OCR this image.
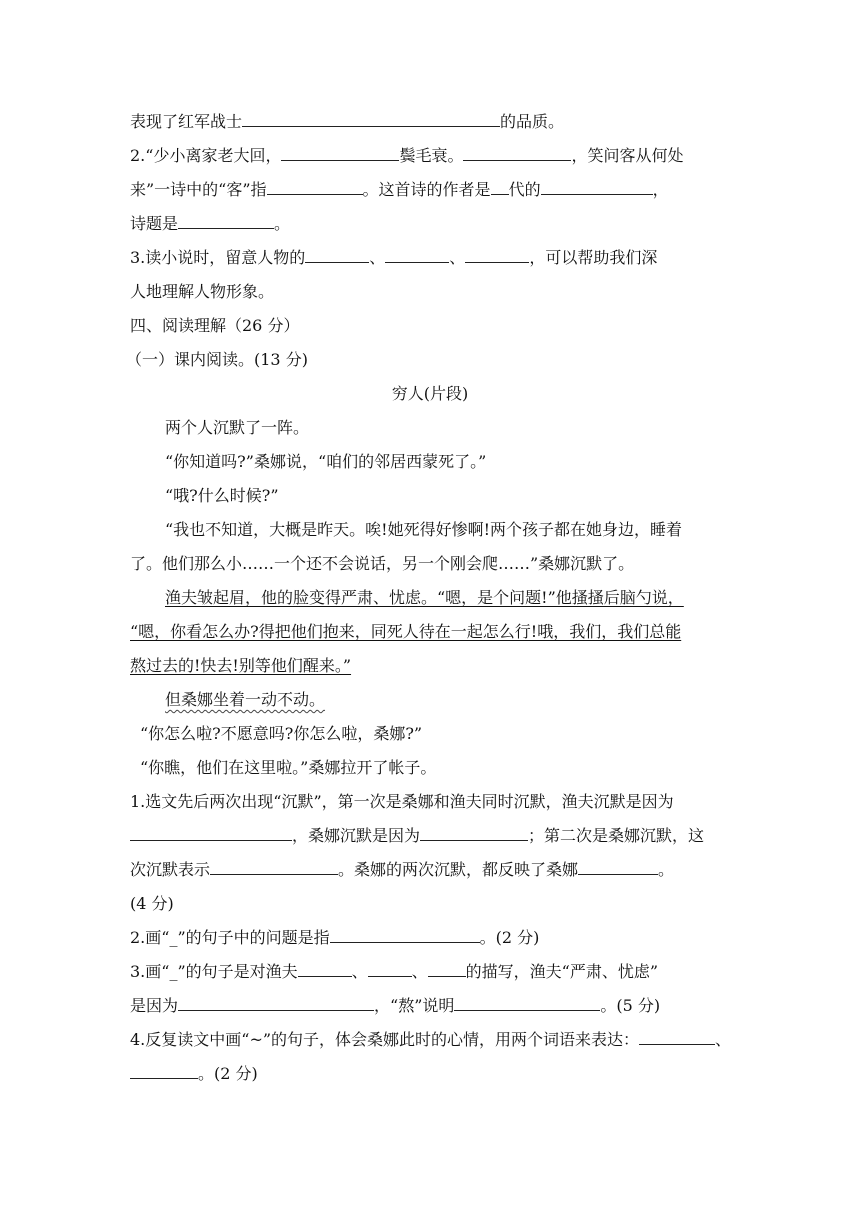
表现了红军战士	的品质。
2.“少小离家老大回，	鬓毛衰。	，笑问客从何处
来”一诗中的“客”指	。这首诗的作者是 代的	，
诗题是	。
3.读小说时，留意人物的	、	、	，可以帮助我们深
人地理解人物形象。
四、阅读理解（26 分）
（一）课内阅读。(13 分)
穷人(片段)
两个人沉默了一阵。
“你知道吗?”桑娜说，“咱们的邻居西蒙死了。”
“哦?什么时候?”
“我也不知道，大概是昨天。唉!她死得好惨啊!两个孩子都在她身边，睡着
了。他们那么小……一个还不会说话，另一个刚会爬……”桑娜沉默了。
渔夫皱起眉，他的脸变得严肃、忧虑。“嗯，是个问题!”他搔搔后脑勺说，
“嗯，你看怎么办?得把他们抱来，同死人待在一起怎么行!哦，我们，我们总能
熬过去的!快去!别等他们醒来。”
但桑娜坐着一动不动。
“你怎么啦?不愿意吗?你怎么啦，桑娜?”
“你瞧，他们在这里啦。”桑娜拉开了帐子。
1.选文先后两次出现“沉默”，第一次是桑娜和渔夫同时沉默，渔夫沉默是因为
，桑娜沉默是因为	；第二次是桑娜沉默，这
次沉默表示	。桑娜的两次沉默，都反映了桑娜	。
(4 分)
2.画“_”的句子中的问题是指	。(2 分)
3.画“_”的句子是对渔夫	、	、 的描写，渔夫“严肃、忧虑”
是因为	，“熬”说明	。(5 分)
4.反复读文中画“~”的句子，体会桑娜此时的心情，用两个词语来表达：	、
。(2 分)
